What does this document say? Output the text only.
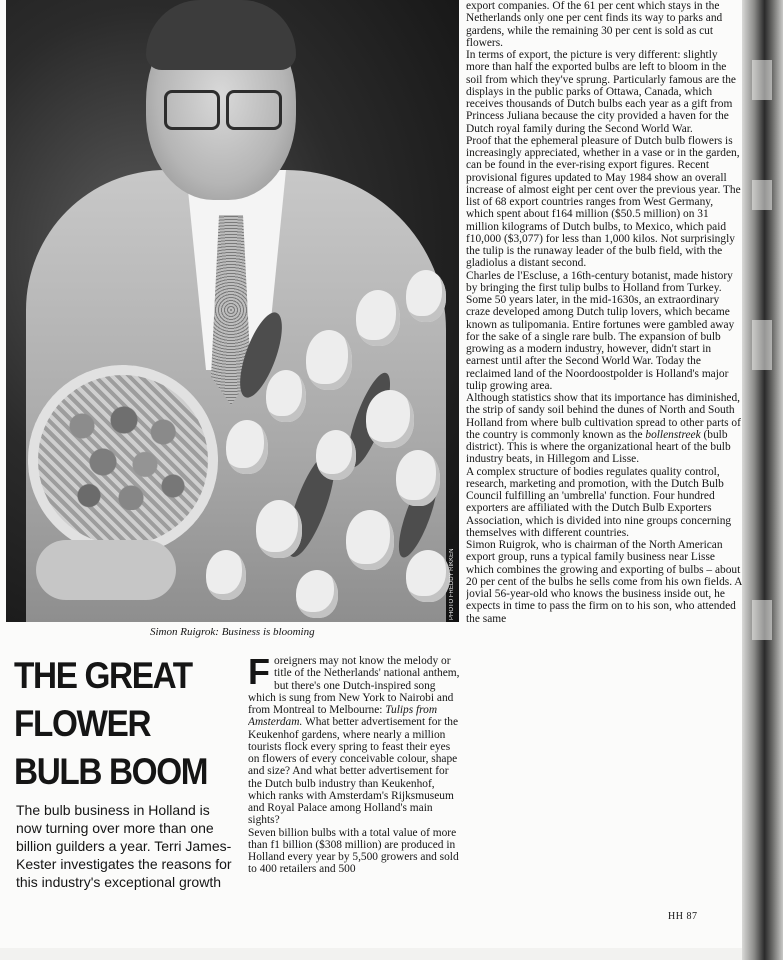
PHOTO FREDDY RIKKEN
Simon Ruigrok: Business is blooming
THE GREAT
FLOWER
BULB BOOM
The bulb business in Holland is now turning over more than one billion guilders a year. Terri James-Kester investigates the reasons for this industry's exceptional growth

Foreigners may not know the melody or title of the Netherlands' national anthem, but there's one Dutch-inspired song which is sung from New York to Nairobi and from Montreal to Melbourne: Tulips from Amsterdam. What better advertisement for the Keukenhof gardens, where nearly a million tourists flock every spring to feast their eyes on flowers of every conceivable colour, shape and size? And what better advertisement for the Dutch bulb industry than Keukenhof, which ranks with Amsterdam's Rijksmuseum and Royal Palace among Holland's main sights?

Seven billion bulbs with a total value of more than f1 billion ($308 million) are produced in Holland every year by 5,500 growers and sold to 400 retailers and 500

export companies. Of the 61 per cent which stays in the Netherlands only one per cent finds its way to parks and gardens, while the remaining 30 per cent is sold as cut flowers.

In terms of export, the picture is very different: slightly more than half the exported bulbs are left to bloom in the soil from which they've sprung. Particularly famous are the displays in the public parks of Ottawa, Canada, which receives thousands of Dutch bulbs each year as a gift from Princess Juliana because the city provided a haven for the Dutch royal family during the Second World War.

Proof that the ephemeral pleasure of Dutch bulb flowers is increasingly appreciated, whether in a vase or in the garden, can be found in the ever-rising export figures. Recent provisional figures updated to May 1984 show an overall increase of almost eight per cent over the previous year. The list of 68 export countries ranges from West Germany, which spent about f164 million ($50.5 million) on 31 million kilograms of Dutch bulbs, to Mexico, which paid f10,000 ($3,077) for less than 1,000 kilos. Not surprisingly the tulip is the runaway leader of the bulb field, with the gladiolus a distant second.

Charles de l'Escluse, a 16th-century botanist, made history by bringing the first tulip bulbs to Holland from Turkey. Some 50 years later, in the mid-1630s, an extraordinary craze developed among Dutch tulip lovers, which became known as tulipomania. Entire fortunes were gambled away for the sake of a single rare bulb. The expansion of bulb growing as a modern industry, however, didn't start in earnest until after the Second World War. Today the reclaimed land of the Noordoostpolder is Holland's major tulip growing area.

Although statistics show that its importance has diminished, the strip of sandy soil behind the dunes of North and South Holland from where bulb cultivation spread to other parts of the country is commonly known as the bollenstreek (bulb district). This is where the organizational heart of the bulb industry beats, in Hillegom and Lisse.

A complex structure of bodies regulates quality control, research, marketing and promotion, with the Dutch Bulb Council fulfilling an 'umbrella' function. Four hundred exporters are affiliated with the Dutch Bulb Exporters Association, which is divided into nine groups concerning themselves with different countries.

Simon Ruigrok, who is chairman of the North American export group, runs a typical family business near Lisse which combines the growing and exporting of bulbs – about 20 per cent of the bulbs he sells come from his own fields. A jovial 56-year-old who knows the business inside out, he expects in time to pass the firm on to his son, who attended the same

HH 87
